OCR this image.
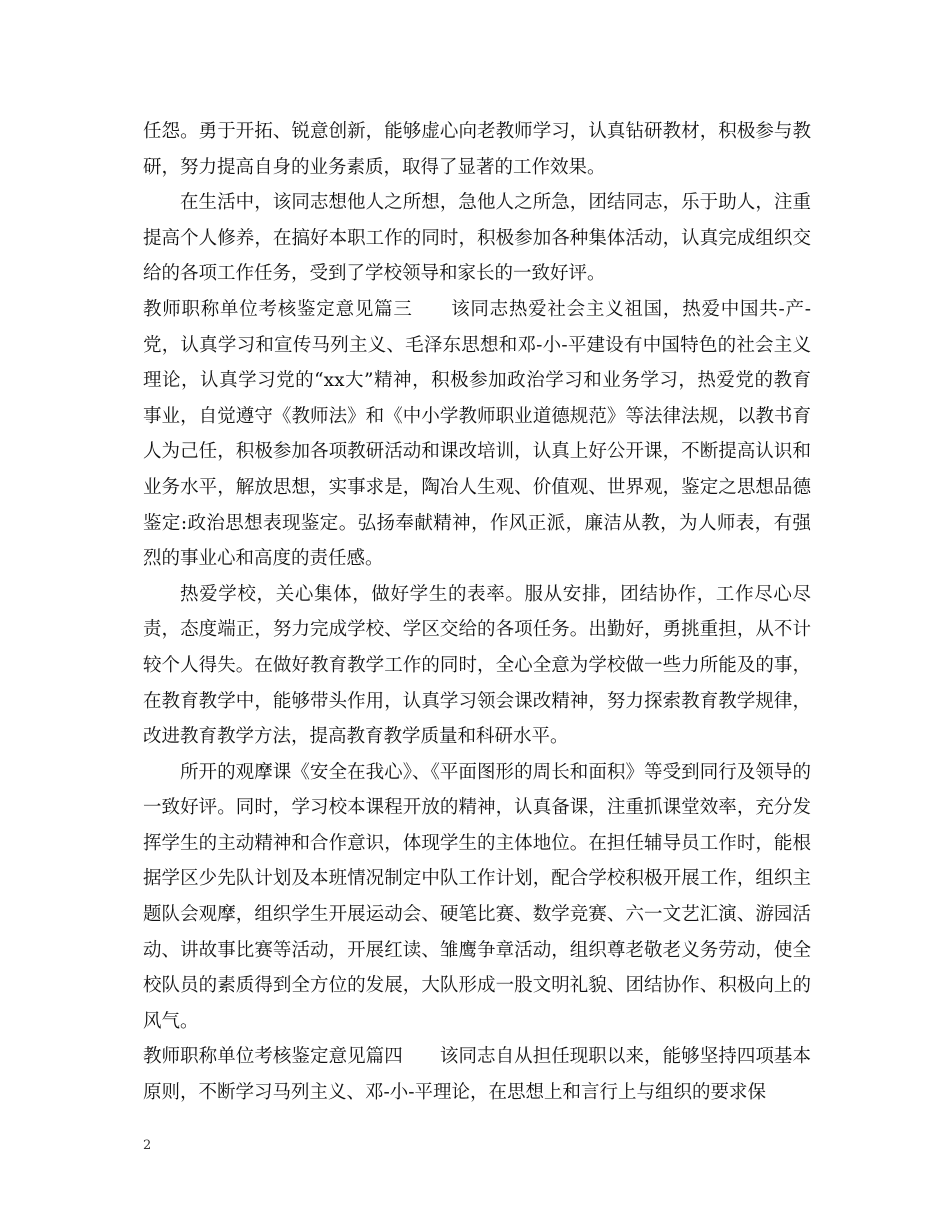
任怨。勇于开拓、锐意创新，能够虚心向老教师学习，认真钻研教材，积极参与教研，努力提高自身的业务素质，取得了显著的工作效果。

在生活中，该同志想他人之所想，急他人之所急，团结同志，乐于助人，注重提高个人修养，在搞好本职工作的同时，积极参加各种集体活动，认真完成组织交给的各项工作任务，受到了学校领导和家长的一致好评。

教师职称单位考核鉴定意见篇三　　该同志热爱社会主义祖国，热爱中国共-产-党，认真学习和宣传马列主义、毛泽东思想和邓-小-平建设有中国特色的社会主义理论，认真学习党的“xx大”精神，积极参加政治学习和业务学习，热爱党的教育事业，自觉遵守《教师法》和《中小学教师职业道德规范》等法律法规，以教书育人为己任，积极参加各项教研活动和课改培训，认真上好公开课，不断提高认识和业务水平，解放思想，实事求是，陶冶人生观、价值观、世界观，鉴定之思想品德鉴定:政治思想表现鉴定。弘扬奉献精神，作风正派，廉洁从教，为人师表，有强烈的事业心和高度的责任感。

热爱学校，关心集体，做好学生的表率。服从安排，团结协作，工作尽心尽责，态度端正，努力完成学校、学区交给的各项任务。出勤好，勇挑重担，从不计较个人得失。在做好教育教学工作的同时，全心全意为学校做一些力所能及的事，在教育教学中，能够带头作用，认真学习领会课改精神，努力探索教育教学规律，改进教育教学方法，提高教育教学质量和科研水平。

所开的观摩课《安全在我心》、《平面图形的周长和面积》等受到同行及领导的一致好评。同时，学习校本课程开放的精神，认真备课，注重抓课堂效率，充分发挥学生的主动精神和合作意识，体现学生的主体地位。在担任辅导员工作时，能根据学区少先队计划及本班情况制定中队工作计划，配合学校积极开展工作，组织主题队会观摩，组织学生开展运动会、硬笔比赛、数学竞赛、六一文艺汇演、游园活动、讲故事比赛等活动，开展红读、雏鹰争章活动，组织尊老敬老义务劳动，使全校队员的素质得到全方位的发展，大队形成一股文明礼貌、团结协作、积极向上的风气。

教师职称单位考核鉴定意见篇四　　该同志自从担任现职以来，能够坚持四项基本原则，不断学习马列主义、邓-小-平理论，在思想上和言行上与组织的要求保

2
